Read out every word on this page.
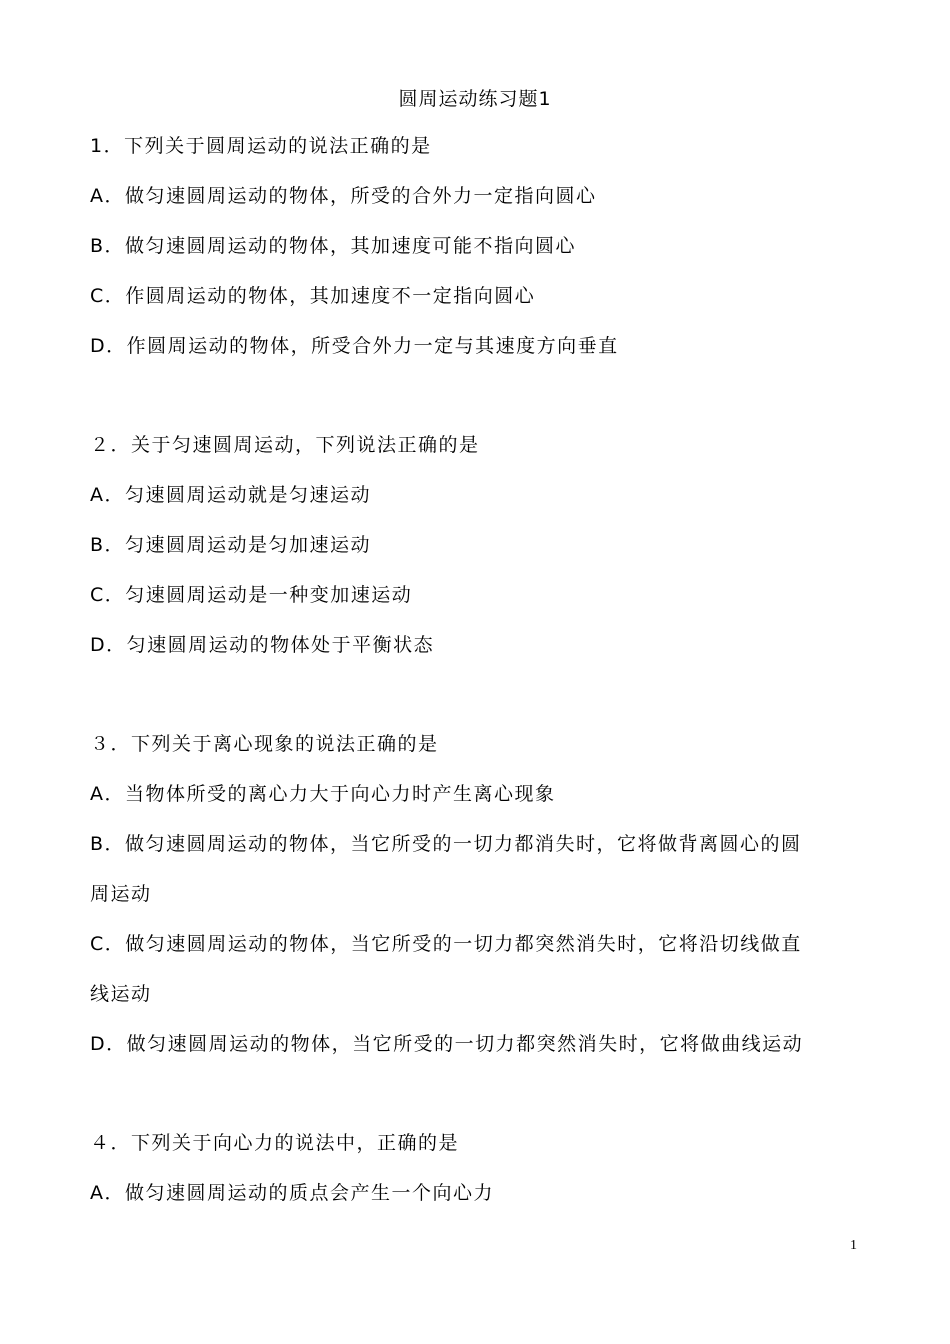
圆周运动练习题1
1．下列关于圆周运动的说法正确的是
A．做匀速圆周运动的物体，所受的合外力一定指向圆心
B．做匀速圆周运动的物体，其加速度可能不指向圆心
C．作圆周运动的物体，其加速度不一定指向圆心
D．作圆周运动的物体，所受合外力一定与其速度方向垂直
２．关于匀速圆周运动，下列说法正确的是
A．匀速圆周运动就是匀速运动
B．匀速圆周运动是匀加速运动
C．匀速圆周运动是一种变加速运动
D．匀速圆周运动的物体处于平衡状态
３．下列关于离心现象的说法正确的是
A．当物体所受的离心力大于向心力时产生离心现象
B．做匀速圆周运动的物体，当它所受的一切力都消失时，它将做背离圆心的圆
周运动
C．做匀速圆周运动的物体，当它所受的一切力都突然消失时，它将沿切线做直
线运动
D．做匀速圆周运动的物体，当它所受的一切力都突然消失时，它将做曲线运动
４．下列关于向心力的说法中，正确的是
A．做匀速圆周运动的质点会产生一个向心力
1
